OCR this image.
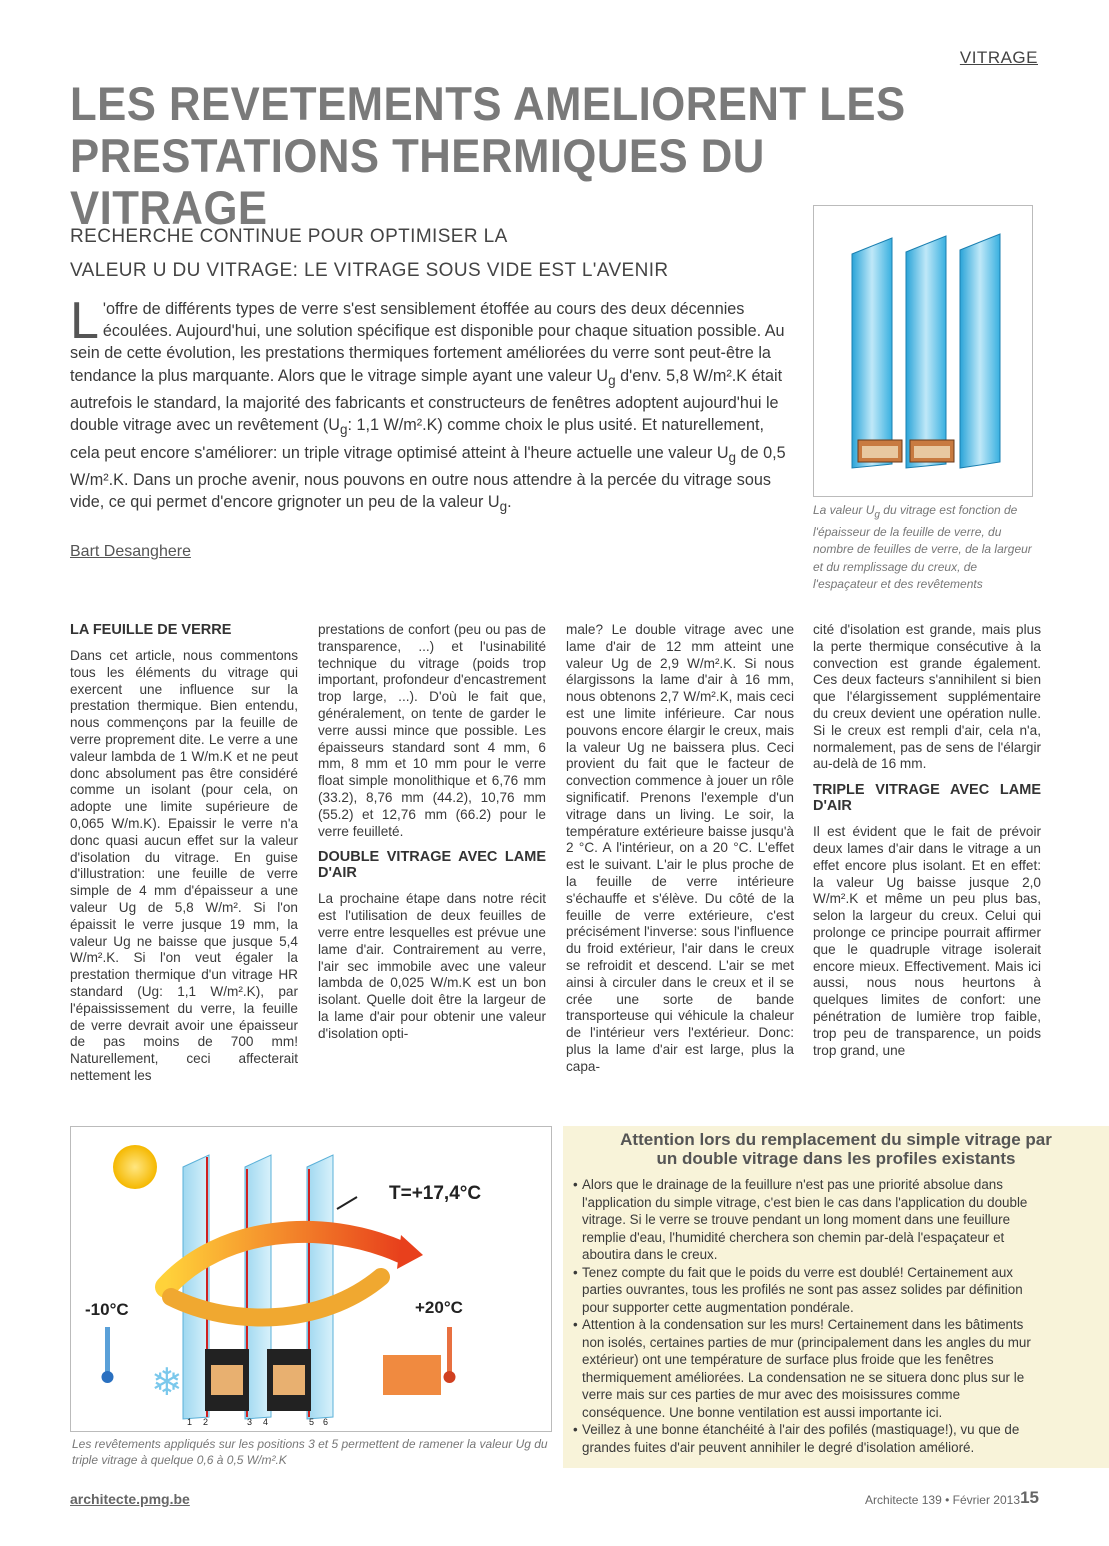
VITRAGE
LES REVETEMENTS AMELIORENT LES PRESTATIONS THERMIQUES DU VITRAGE
RECHERCHE CONTINUE POUR OPTIMISER LA
VALEUR U DU VITRAGE: LE VITRAGE SOUS VIDE EST L'AVENIR

L 'offre de différents types de verre s'est sensiblement étoffée au cours des deux décennies écoulées. Aujourd'hui, une solution spécifique est disponible pour chaque situation possible. Au sein de cette évolution, les prestations thermiques fortement améliorées du verre sont peut-être la tendance la plus marquante. Alors que le vitrage simple ayant une valeur $U_g$ d'env. 5,8 W/m².K était autrefois le standard, la majorité des fabricants et constructeurs de fenêtres adoptent aujourd'hui le double vitrage avec un revêtement ($U_g$: 1,1 W/m².K) comme choix le plus usité. Et naturellement, cela peut encore s'améliorer: un triple vitrage optimisé atteint à l'heure actuelle une valeur $U_g$ de 0,5 W/m².K. Dans un proche avenir, nous pouvons en outre nous attendre à la percée du vitrage sous vide, ce qui permet d'encore grignoter un peu de la valeur $U_g$.

Bart Desanghere
La valeur $U_g$ du vitrage est fonction de l'épaisseur de la feuille de verre, du nombre de feuilles de verre, de la largeur et du remplissage du creux, de l'espaçateur et des revêtements
LA FEUILLE DE VERRE

Dans cet article, nous commentons tous les éléments du vitrage qui exercent une influence sur la prestation thermique. Bien entendu, nous commençons par la feuille de verre proprement dite. Le verre a une valeur lambda de 1 W/m.K et ne peut donc absolument pas être considéré comme un isolant (pour cela, on adopte une limite supérieure de 0,065 W/m.K). Epaissir le verre n'a donc quasi aucun effet sur la valeur d'isolation du vitrage. En guise d'illustration: une feuille de verre simple de 4 mm d'épaisseur a une valeur Ug de 5,8 W/m². Si l'on épaissit le verre jusque 19 mm, la valeur Ug ne baisse que jusque 5,4 W/m².K. Si l'on veut égaler la prestation thermique d'un vitrage HR standard (Ug: 1,1 W/m².K), par l'épaississement du verre, la feuille de verre devrait avoir une épaisseur de pas moins de 700 mm! Naturellement, ceci affecterait nettement les

prestations de confort (peu ou pas de transparence, ...) et l'usinabilité technique du vitrage (poids trop important, profondeur d'encastrement trop large, ...). D'où le fait que, généralement, on tente de garder le verre aussi mince que possible. Les épaisseurs standard sont 4 mm, 6 mm, 8 mm et 10 mm pour le verre float simple monolithique et 6,76 mm (33.2), 8,76 mm (44.2), 10,76 mm (55.2) et 12,76 mm (66.2) pour le verre feuilleté.

DOUBLE VITRAGE AVEC LAME D'AIR

La prochaine étape dans notre récit est l'utilisation de deux feuilles de verre entre lesquelles est prévue une lame d'air. Contrairement au verre, l'air sec immobile avec une valeur lambda de 0,025 W/m.K est un bon isolant. Quelle doit être la largeur de la lame d'air pour obtenir une valeur d'isolation opti-

male? Le double vitrage avec une lame d'air de 12 mm atteint une valeur Ug de 2,9 W/m².K. Si nous élargissons la lame d'air à 16 mm, nous obtenons 2,7 W/m².K, mais ceci est une limite inférieure. Car nous pouvons encore élargir le creux, mais la valeur Ug ne baissera plus. Ceci provient du fait que le facteur de convection commence à jouer un rôle significatif. Prenons l'exemple d'un vitrage dans un living. Le soir, la température extérieure baisse jusqu'à 2 °C. A l'intérieur, on a 20 °C. L'effet est le suivant. L'air le plus proche de la feuille de verre intérieure s'échauffe et s'élève. Du côté de la feuille de verre extérieure, c'est précisément l'inverse: sous l'influence du froid extérieur, l'air dans le creux se refroidit et descend. L'air se met ainsi à circuler dans le creux et il se crée une sorte de bande transporteuse qui véhicule la chaleur de l'intérieur vers l'extérieur. Donc: plus la lame d'air est large, plus la capa-

cité d'isolation est grande, mais plus la perte thermique consécutive à la convection est grande également. Ces deux facteurs s'annihilent si bien que l'élargissement supplémentaire du creux devient une opération nulle. Si le creux est rempli d'air, cela n'a, normalement, pas de sens de l'élargir au-delà de 16 mm.

TRIPLE VITRAGE AVEC LAME D'AIR

Il est évident que le fait de prévoir deux lames d'air dans le vitrage a un effet encore plus isolant. Et en effet: la valeur Ug baisse jusque 2,0 W/m².K et même un peu plus bas, selon la largeur du creux. Celui qui prolonge ce principe pourrait affirmer que le quadruple vitrage isolerait encore mieux. Effectivement. Mais ici aussi, nous nous heurtons à quelques limites de confort: une pénétration de lumière trop faible, trop peu de transparence, un poids trop grand, une

T=+17,4°C
-10°C	+20°C
❄
1 2	3 4	5 6
Les revêtements appliqués sur les positions 3 et 5 permettent de ramener la valeur Ug du triple vitrage à quelque 0,6 à 0,5 W/m².K
Attention lors du remplacement du simple vitrage par
un double vitrage dans les profiles existants
• Alors que le drainage de la feuillure n'est pas une priorité absolue dans l'application du simple vitrage, c'est bien le cas dans l'application du double vitrage. Si le verre se trouve pendant un long moment dans une feuillure remplie d'eau, l'humidité cherchera son chemin par-delà l'espaçateur et aboutira dans le creux.
• Tenez compte du fait que le poids du verre est doublé! Certainement aux parties ouvrantes, tous les profilés ne sont pas assez solides par définition pour supporter cette augmentation pondérale.
• Attention à la condensation sur les murs! Certainement dans les bâtiments non isolés, certaines parties de mur (principalement dans les angles du mur extérieur) ont une température de surface plus froide que les fenêtres thermiquement améliorées. La condensation ne se situera donc plus sur le verre mais sur ces parties de mur avec des moisissures comme conséquence. Une bonne ventilation est aussi importante ici.
• Veillez à une bonne étanchéité à l'air des pofilés (mastiquage!), vu que de grandes fuites d'air peuvent annihiler le degré d'isolation amélioré.
architecte.pmg.be	Architecte 139 • Février 2013 15
